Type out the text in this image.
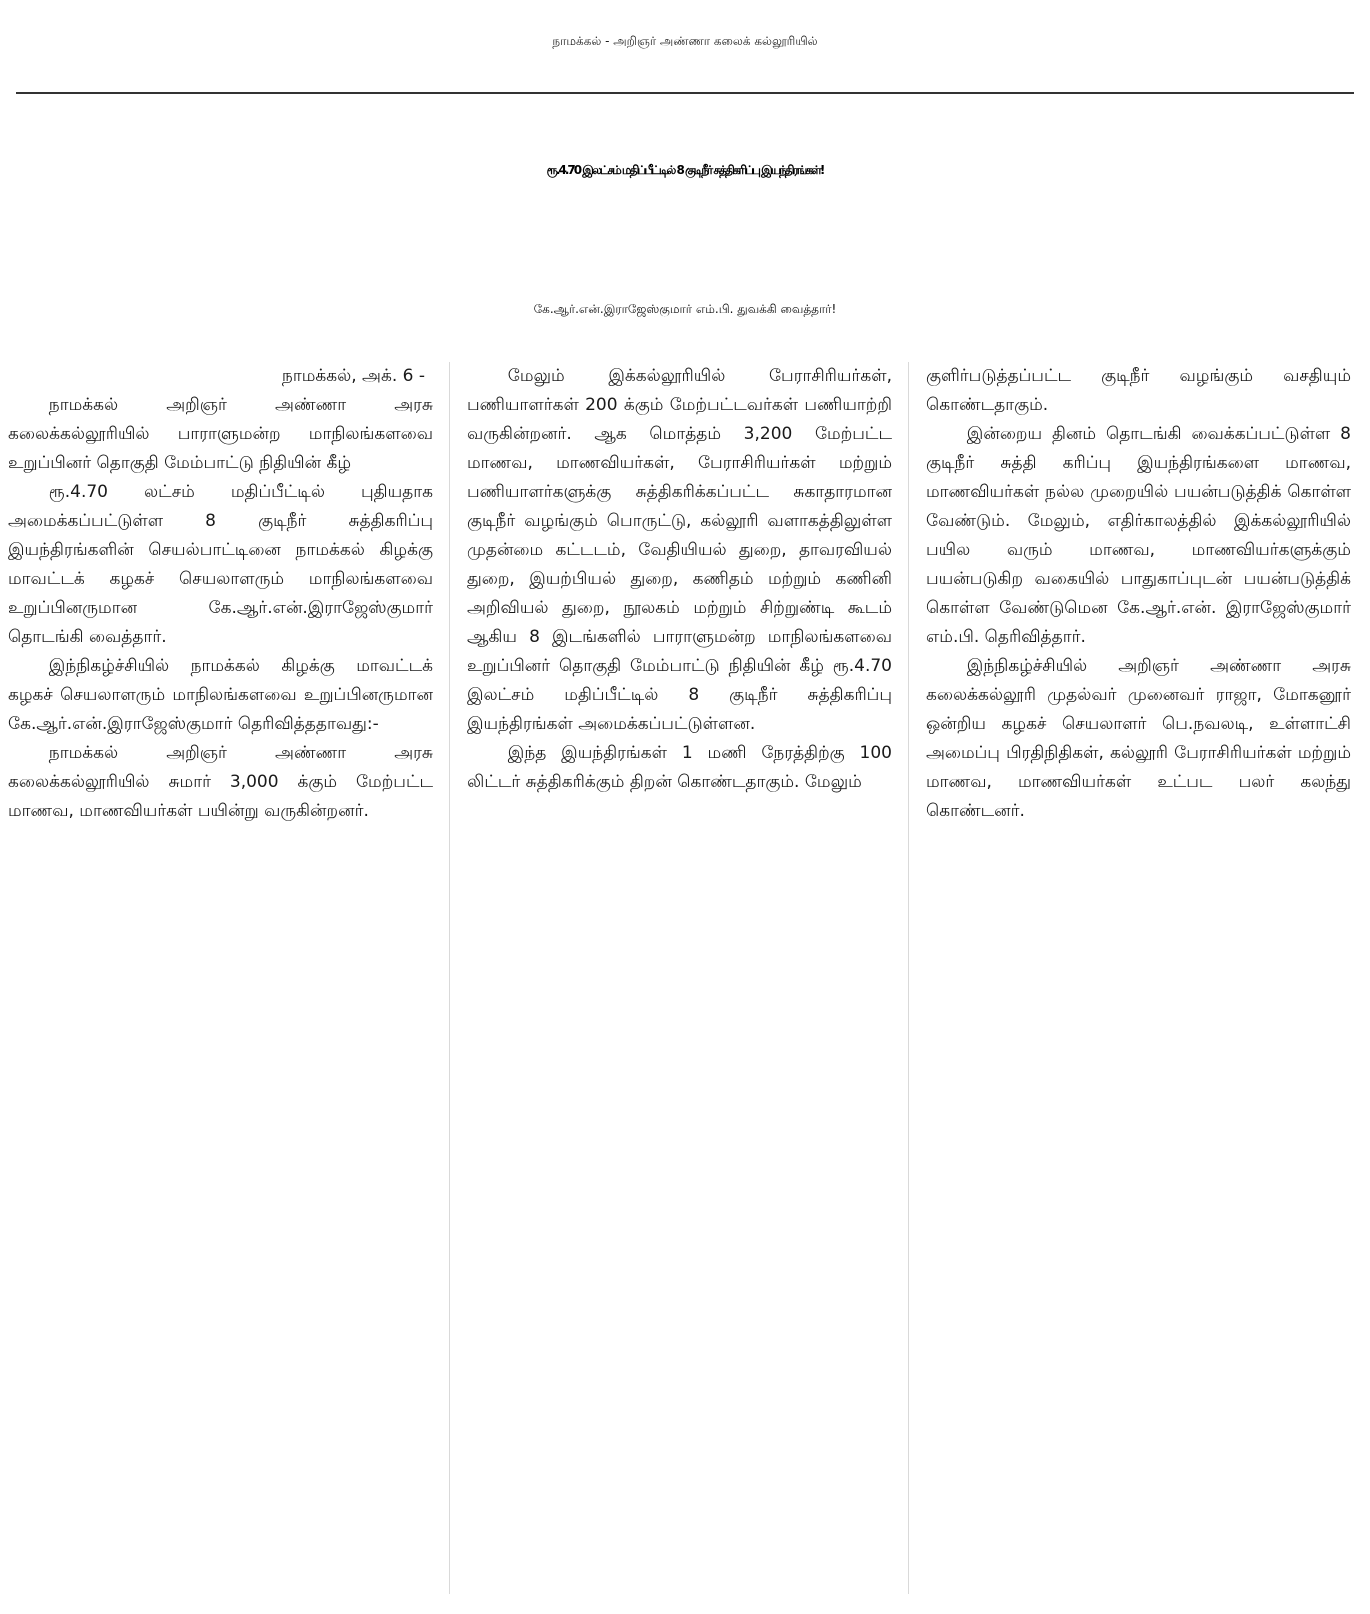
நாமக்கல் - அறிஞர் அண்ணா கலைக் கல்லூரியில்
ரூ.4.70 இலட்சம் மதிப்பீட்டில் 8 குடிநீர் சுத்திகரிப்பு இயந்திரங்கள்!
கே.ஆர்.என்.இராஜேஸ்குமார் எம்.பி. துவக்கி வைத்தார்!

நாமக்கல், அக். 6 -

நாமக்கல் அறிஞர் அண்ணா அரசு கலைக்கல்லூரியில் பாராளுமன்ற மாநிலங்களவை உறுப்பினர் தொகுதி மேம்பாட்டு நிதியின் கீழ்

ரூ.4.70 லட்சம் மதிப்பீட்டில் புதியதாக அமைக்கப்பட்டுள்ள 8 குடிநீர் சுத்திகரிப்பு இயந்திரங்களின் செயல்பாட்டினை நாமக்கல் கிழக்கு மாவட்டக் கழகச் செயலாளரும் மாநிலங்களவை உறுப்பினருமான கே.ஆர்.என்.இராஜேஸ்குமார் தொடங்கி வைத்தார்.

இந்நிகழ்ச்சியில் நாமக்கல் கிழக்கு மாவட்டக் கழகச் செயலாளரும் மாநிலங்களவை உறுப்பினருமான கே.ஆர்.என்.இராஜேஸ்குமார் தெரிவித்ததாவது:-

நாமக்கல் அறிஞர் அண்ணா அரசு கலைக்கல்லூரியில் சுமார் 3,000 க்கும் மேற்பட்ட மாணவ, மாணவியர்கள் பயின்று வருகின்றனர்.

மேலும் இக்கல்லூரியில் பேராசிரியர்கள், பணியாளர்கள் 200 க்கும் மேற்பட்டவர்கள் பணியாற்றி வருகின்றனர். ஆக மொத்தம் 3,200 மேற்பட்ட மாணவ, மாணவியர்கள், பேராசிரியர்கள் மற்றும் பணியாளர்களுக்கு சுத்திகரிக்கப்பட்ட சுகாதாரமான குடிநீர் வழங்கும் பொருட்டு, கல்லூரி வளாகத்திலுள்ள முதன்மை கட்டடம், வேதியியல் துறை, தாவரவியல் துறை, இயற்பியல் துறை, கணிதம் மற்றும் கணினி அறிவியல் துறை, நூலகம் மற்றும் சிற்றுண்டி கூடம் ஆகிய 8 இடங்களில் பாராளுமன்ற மாநிலங்களவை உறுப்பினர் தொகுதி மேம்பாட்டு நிதியின் கீழ் ரூ.4.70 இலட்சம் மதிப்பீட்டில் 8 குடிநீர் சுத்திகரிப்பு இயந்திரங்கள் அமைக்கப்பட்டுள்ளன.

இந்த இயந்திரங்கள் 1 மணி நேரத்திற்கு 100 லிட்டர் சுத்திகரிக்கும் திறன் கொண்டதாகும். மேலும்

குளிர்படுத்தப்பட்ட குடிநீர் வழங்கும் வசதியும் கொண்டதாகும்.

இன்றைய தினம் தொடங்கி வைக்கப்பட்டுள்ள 8 குடிநீர் சுத்தி கரிப்பு இயந்திரங்களை மாணவ, மாணவியர்கள் நல்ல முறையில் பயன்படுத்திக் கொள்ள வேண்டும். மேலும், எதிர்காலத்தில் இக்கல்லூரியில் பயில வரும் மாணவ, மாணவியர்களுக்கும் பயன்படுகிற வகையில் பாதுகாப்புடன் பயன்படுத்திக் கொள்ள வேண்டுமென கே.ஆர்.என். இராஜேஸ்குமார் எம்.பி. தெரிவித்தார்.

இந்நிகழ்ச்சியில் அறிஞர் அண்ணா அரசு கலைக்கல்லூரி முதல்வர் முனைவர் ராஜா, மோகனூர் ஒன்றிய கழகச் செயலாளர் பெ.நவலடி, உள்ளாட்சி அமைப்பு பிரதிநிதிகள், கல்லூரி பேராசிரியர்கள் மற்றும் மாணவ, மாணவியர்கள் உட்பட பலர் கலந்து கொண்டனர்.
